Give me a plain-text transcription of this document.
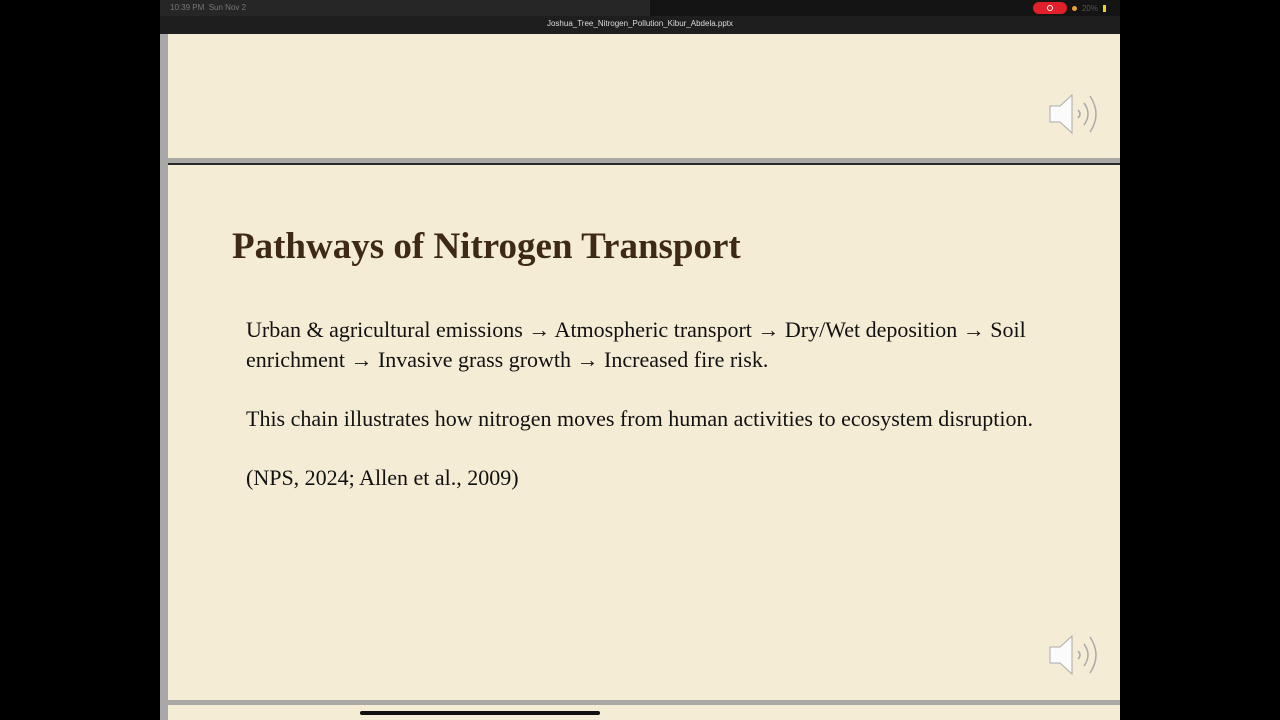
10:39 PM Sun Nov 2	20%
Joshua_Tree_Nitrogen_Pollution_Kibur_Abdela.pptx
Pathways of Nitrogen Transport

Urban & agricultural emissions → Atmospheric transport → Dry/Wet deposition → Soil enrichment → Invasive grass growth → Increased fire risk.

This chain illustrates how nitrogen moves from human activities to ecosystem disruption.

(NPS, 2024; Allen et al., 2009)
